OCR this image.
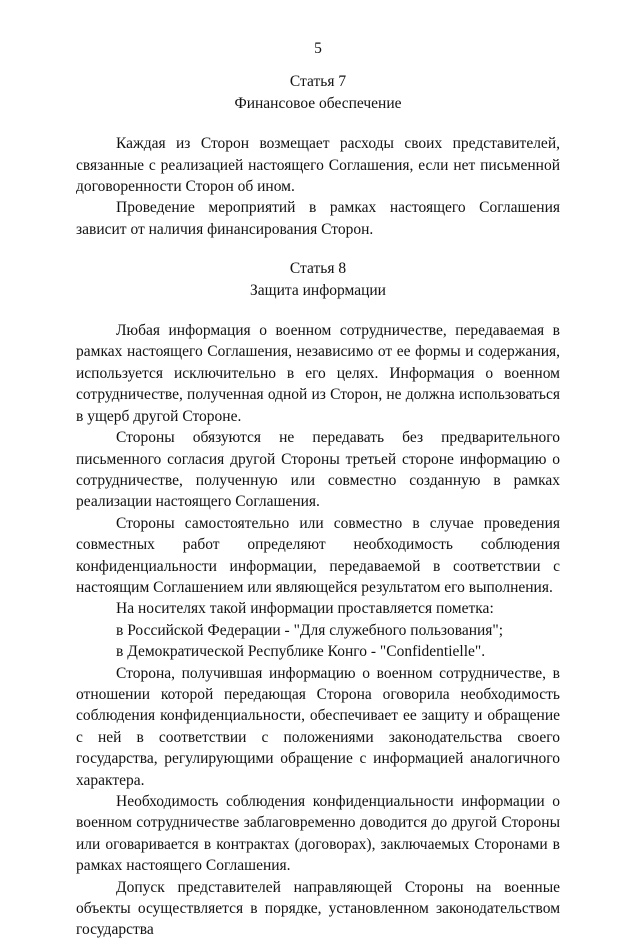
5
Статья 7
Финансовое обеспечение

Каждая из Сторон возмещает расходы своих представителей, связанные с реализацией настоящего Соглашения, если нет письменной договоренности Сторон об ином.

Проведение мероприятий в рамках настоящего Соглашения зависит от наличия финансирования Сторон.

Статья 8
Защита информации

Любая информация о военном сотрудничестве, передаваемая в рамках настоящего Соглашения, независимо от ее формы и содержания, используется исключительно в его целях. Информация о военном сотрудничестве, полученная одной из Сторон, не должна использоваться в ущерб другой Стороне.

Стороны обязуются не передавать без предварительного письменного согласия другой Стороны третьей стороне информацию о сотрудничестве, полученную или совместно созданную в рамках реализации настоящего Соглашения.

Стороны самостоятельно или совместно в случае проведения совместных работ определяют необходимость соблюдения конфиденциальности информации, передаваемой в соответствии с настоящим Соглашением или являющейся результатом его выполнения.

На носителях такой информации проставляется пометка:

в Российской Федерации - "Для служебного пользования";

в Демократической Республике Конго - "Confidentielle".

Сторона, получившая информацию о военном сотрудничестве, в отношении которой передающая Сторона оговорила необходимость соблюдения конфиденциальности, обеспечивает ее защиту и обращение с ней в соответствии с положениями законодательства своего государства, регулирующими обращение с информацией аналогичного характера.

Необходимость соблюдения конфиденциальности информации о военном сотрудничестве заблаговременно доводится до другой Стороны или оговаривается в контрактах (договорах), заключаемых Сторонами в рамках настоящего Соглашения.

Допуск представителей направляющей Стороны на военные объекты осуществляется в порядке, установленном законодательством государства
